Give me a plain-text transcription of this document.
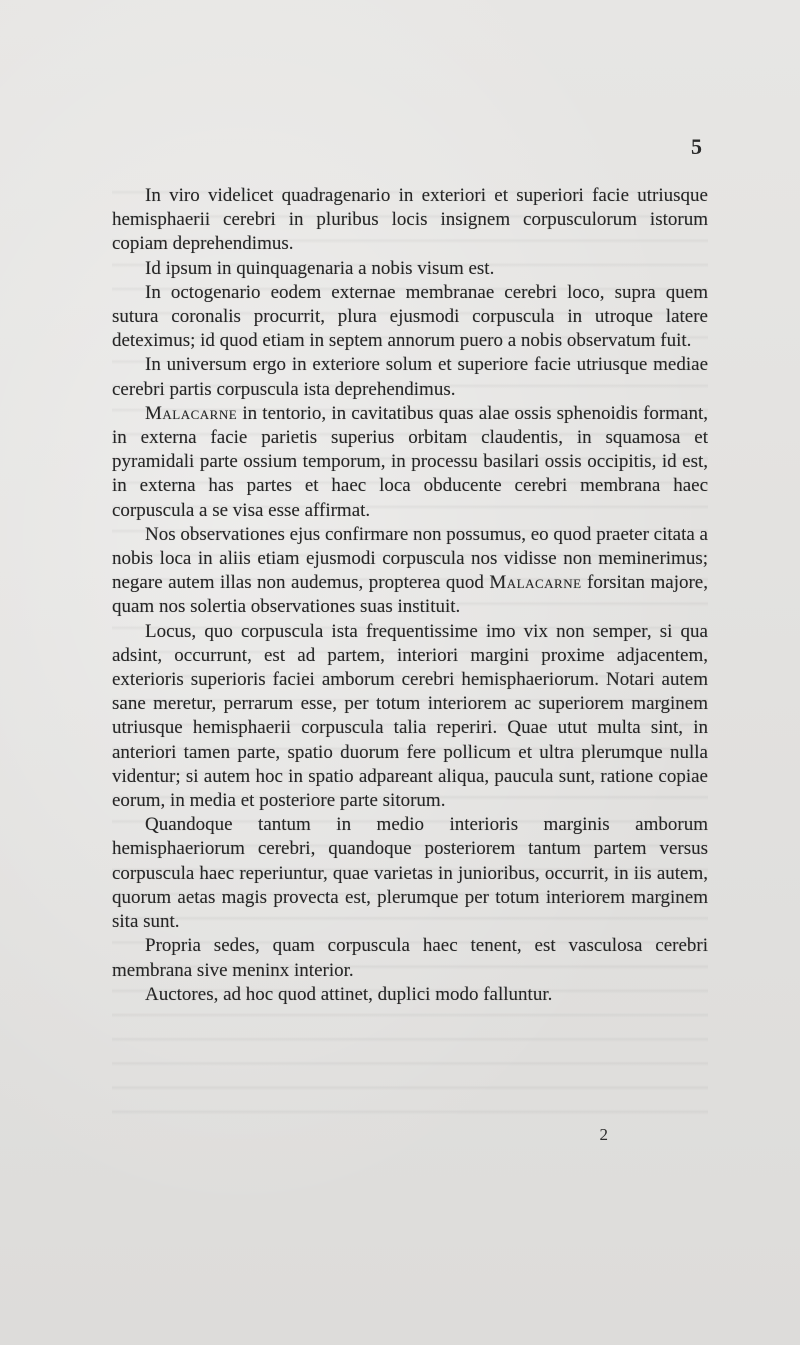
5

In viro videlicet quadragenario in exteriori et superiori facie utriusque hemisphaerii cerebri in pluribus locis insignem corpusculorum istorum copiam deprehendimus.

Id ipsum in quinquagenaria a nobis visum est.

In octogenario eodem externae membranae cerebri loco, supra quem sutura coronalis procurrit, plura ejusmodi corpuscula in utroque latere deteximus; id quod etiam in septem annorum puero a nobis observatum fuit.

In universum ergo in exteriore solum et superiore facie utriusque mediae cerebri partis corpuscula ista deprehendimus.

Malacarne in tentorio, in cavitatibus quas alae ossis sphenoidis formant, in externa facie parietis superius orbitam claudentis, in squamosa et pyramidali parte ossium temporum, in processu basilari ossis occipitis, id est, in externa has partes et haec loca obducente cerebri membrana haec corpuscula a se visa esse affirmat.

Nos observationes ejus confirmare non possumus, eo quod praeter citata a nobis loca in aliis etiam ejusmodi corpuscula nos vidisse non meminerimus; negare autem illas non audemus, propterea quod Malacarne forsitan majore, quam nos solertia observationes suas instituit.

Locus, quo corpuscula ista frequentissime imo vix non semper, si qua adsint, occurrunt, est ad partem, interiori margini proxime adjacentem, exterioris superioris faciei amborum cerebri hemisphaeriorum. Notari autem sane meretur, perrarum esse, per totum interiorem ac superiorem marginem utriusque hemisphaerii corpuscula talia reperiri. Quae utut multa sint, in anteriori tamen parte, spatio duorum fere pollicum et ultra plerumque nulla videntur; si autem hoc in spatio adpareant aliqua, paucula sunt, ratione copiae eorum, in media et posteriore parte sitorum.

Quandoque tantum in medio interioris marginis amborum hemisphaeriorum cerebri, quandoque posteriorem tantum partem versus corpuscula haec reperiuntur, quae varietas in junioribus, occurrit, in iis autem, quorum aetas magis provecta est, plerumque per totum interiorem marginem sita sunt.

Propria sedes, quam corpuscula haec tenent, est vasculosa cerebri membrana sive meninx interior.

Auctores, ad hoc quod attinet, duplici modo falluntur.

2
